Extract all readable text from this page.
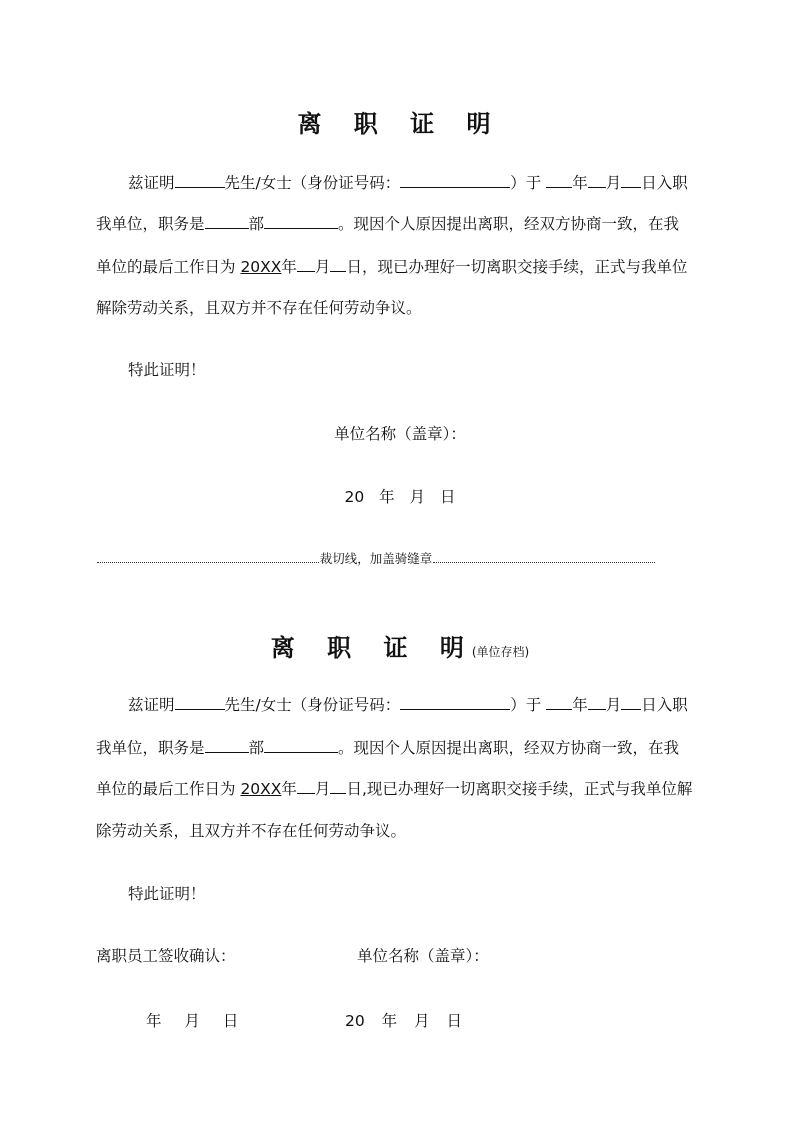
离 职 证 明
兹证明	先生/女士（身份证号码：	）于 年 月 日入职
我单位，职务是	部	。现因个人原因提出离职，经双方协商一致，在我
单位的最后工作日为 20XX年 月 日，现已办理好一切离职交接手续，正式与我单位
解除劳动关系，且双方并不存在任何劳动争议。
特此证明！
单位名称（盖章）：
20 年 月 日
裁切线，加盖骑缝章
离 职 证 明(单位存档)
兹证明	先生/女士（身份证号码：	）于 年 月 日入职
我单位，职务是	部	。现因个人原因提出离职，经双方协商一致，在我
单位的最后工作日为 20XX年 月 日,现已办理好一切离职交接手续，正式与我单位解
除劳动关系，且双方并不存在任何劳动争议。
特此证明！
离职员工签收确认：	单位名称（盖章）：
年 月 日	20 年 月 日
